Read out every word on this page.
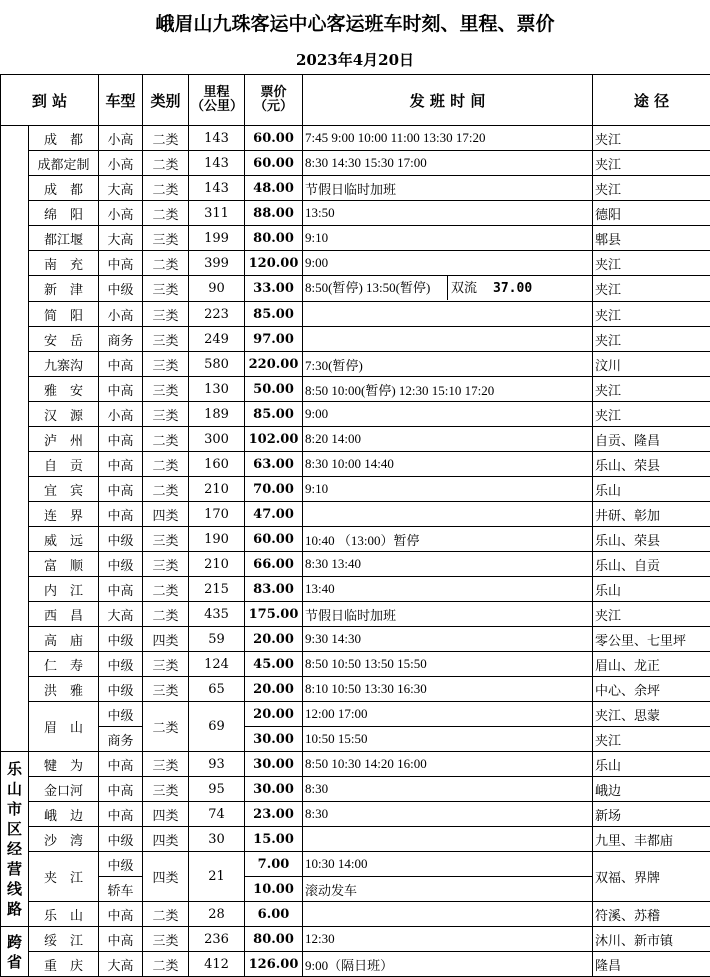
峨眉山九珠客运中心客运班车时刻、里程、票价
2023年4月20日
到 站		车型	类别	里程（公里）	票价（元）	发 班 时 间	途 径
	成　都	小高	二类	143	60.00	7:45 9:00 10:00 11:00 13:30 17:20	夹江
	成都定制	小高	二类	143	60.00	8:30 14:30 15:30 17:00	夹江
	成　都	大高	二类	143	48.00	节假日临时加班	夹江
	绵　阳	小高	二类	311	88.00	13:50	德阳
	都江堰	大高	三类	199	80.00	9:10	郫县
	南　充	中高	二类	399	120.00	9:00	夹江
	新　津	中级	三类	90	33.00	8:50(暂停) 13:50(暂停) 双流 37.00	夹江
	简　阳	小高	三类	223	85.00		夹江
	安　岳	商务	三类	249	97.00		夹江
	九寨沟	中高	三类	580	220.00	7:30(暂停)	汶川
	雅　安	中高	三类	130	50.00	8:50 10:00(暂停) 12:30 15:10 17:20	夹江
	汉　源	小高	三类	189	85.00	9:00	夹江
	泸　州	中高	二类	300	102.00	8:20 14:00	自贡、隆昌
	自　贡	中高	二类	160	63.00	8:30 10:00 14:40	乐山、荣县
	宜　宾	中高	二类	210	70.00	9:10	乐山
	连　界	中高	四类	170	47.00		井研、彰加
	威　远	中级	三类	190	60.00	10:40 （13:00）暂停	乐山、荣县
	富　顺	中级	三类	210	66.00	8:30 13:40	乐山、自贡
	内　江	中高	二类	215	83.00	13:40	乐山
	西　昌	大高	二类	435	175.00	节假日临时加班	夹江
	高　庙	中级	四类	59	20.00	9:30 14:30	零公里、七里坪
	仁　寿	中级	三类	124	45.00	8:50 10:50 13:50 15:50	眉山、龙正
	洪　雅	中级	三类	65	20.00	8:10 10:50 13:30 16:30	中心、余坪
	眉　山	中级	二类	69	20.00	12:00 17:00	夹江、思蒙
		商务			30.00	10:50 15:50	夹江
乐山市区经营线路	犍　为	中高	三类	93	30.00	8:50 10:30 14:20 16:00	乐山
	金口河	中高	三类	95	30.00	8:30	峨边
	峨　边	中高	四类	74	23.00	8:30	新场
	沙　湾	中级	四类	30	15.00		九里、丰都庙
	夹　江	中级	四类	21	7.00	10:30 14:00	双福、界牌
		轿车			10.00	滚动发车	
	乐　山	中高	二类	28	6.00		符溪、苏稽
跨省	绥　江	中高	三类	236	80.00	12:30	沐川、新市镇
	重　庆	大高	二类	412	126.00	9:00（隔日班）	隆昌
